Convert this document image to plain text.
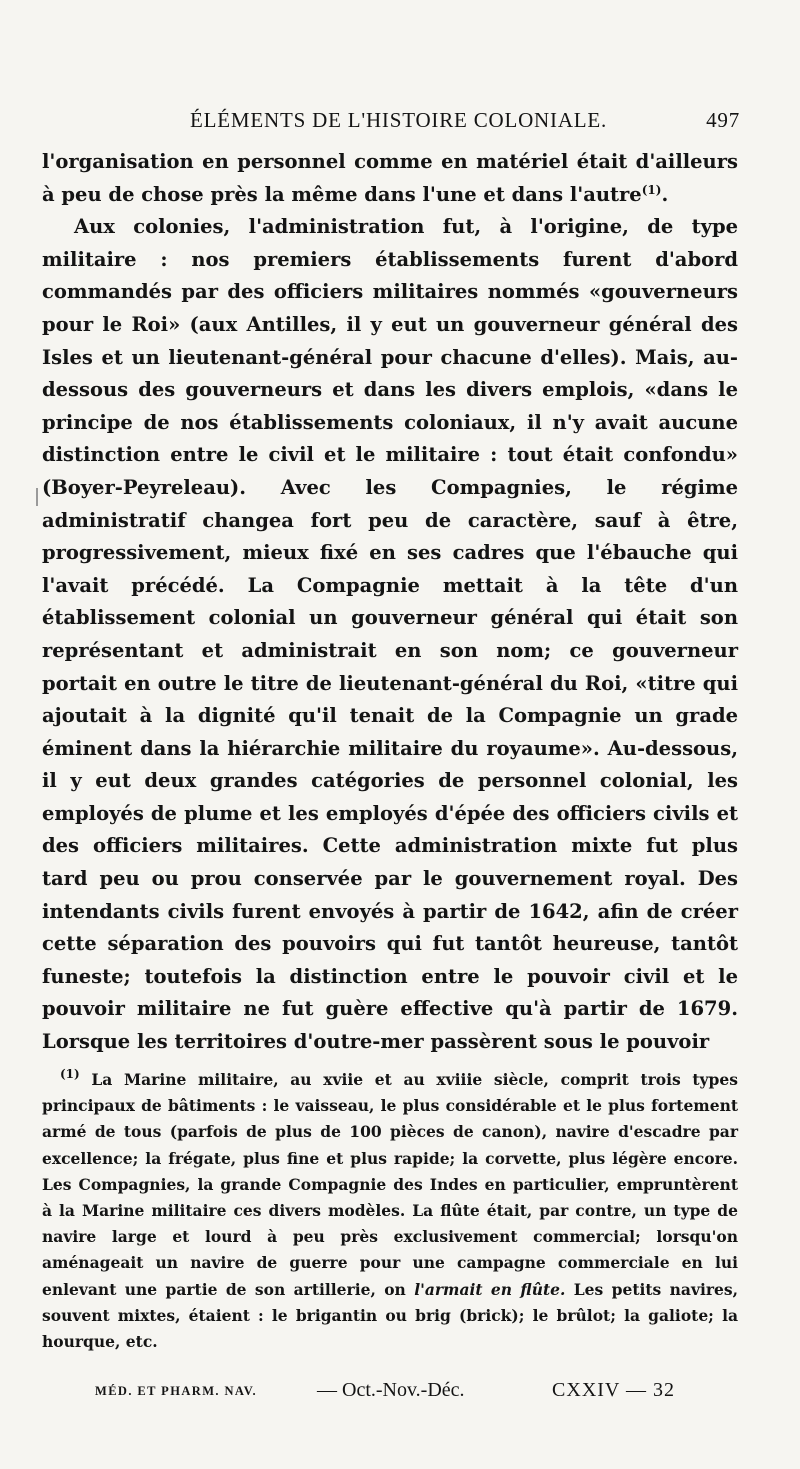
ÉLÉMENTS DE L'HISTOIRE COLONIALE.	497

l'organisation en personnel comme en matériel était d'ailleurs à peu de chose près la même dans l'une et dans l'autre$^{(1)}$.

Aux colonies, l'administration fut, à l'origine, de type militaire : nos premiers établissements furent d'abord commandés par des officiers militaires nommés «gouverneurs pour le Roi» (aux Antilles, il y eut un gouverneur général des Isles et un lieutenant-général pour chacune d'elles). Mais, au-dessous des gouverneurs et dans les divers emplois, «dans le principe de nos établissements coloniaux, il n'y avait aucune distinction entre le civil et le militaire : tout était confondu» (Boyer-Peyreleau). Avec les Compagnies, le régime administratif changea fort peu de caractère, sauf à être, progressivement, mieux fixé en ses cadres que l'ébauche qui l'avait précédé. La Compagnie mettait à la tête d'un établissement colonial un gouverneur général qui était son représentant et administrait en son nom; ce gouverneur portait en outre le titre de lieutenant-général du Roi, «titre qui ajoutait à la dignité qu'il tenait de la Compagnie un grade éminent dans la hiérarchie militaire du royaume». Au-dessous, il y eut deux grandes catégories de personnel colonial, les employés de plume et les employés d'épée des officiers civils et des officiers militaires. Cette administration mixte fut plus tard peu ou prou conservée par le gouvernement royal. Des intendants civils furent envoyés à partir de 1642, afin de créer cette séparation des pouvoirs qui fut tantôt heureuse, tantôt funeste; toutefois la distinction entre le pouvoir civil et le pouvoir militaire ne fut guère effective qu'à partir de 1679. Lorsque les territoires d'outre-mer passèrent sous le pouvoir

$^{(1)}$ La Marine militaire, au xviie et au xviiie siècle, comprit trois types principaux de bâtiments : le vaisseau, le plus considérable et le plus fortement armé de tous (parfois de plus de 100 pièces de canon), navire d'escadre par excellence; la frégate, plus fine et plus rapide; la corvette, plus légère encore. Les Compagnies, la grande Compagnie des Indes en particulier, empruntèrent à la Marine militaire ces divers modèles. La flûte était, par contre, un type de navire large et lourd à peu près exclusivement commercial; lorsqu'on aménageait un navire de guerre pour une campagne commerciale en lui enlevant une partie de son artillerie, on l'armait en flûte. Les petits navires, souvent mixtes, étaient : le brigantin ou brig (brick); le brûlot; la galiote; la hourque, etc.

MÉD. ET PHARM. NAV.	— Oct.-Nov.-Déc.	CXXIV — 32
